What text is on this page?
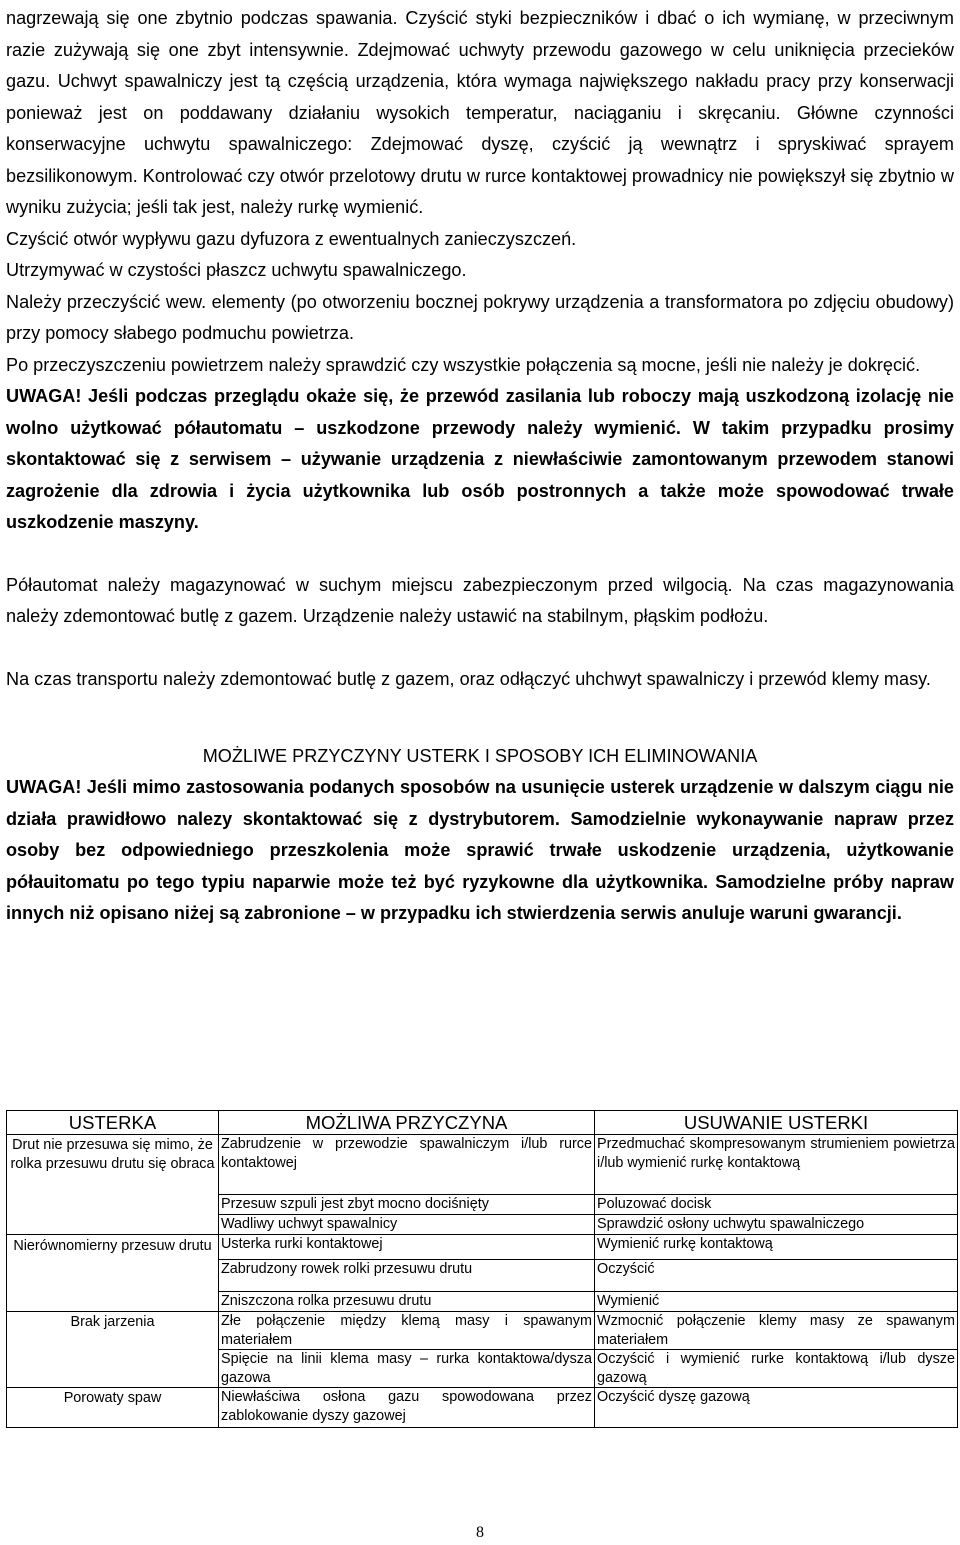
nagrzewają się one zbytnio podczas spawania. Czyścić styki bezpieczników i dbać o ich wymianę, w przeciwnym razie zużywają się one zbyt intensywnie. Zdejmować uchwyty przewodu gazowego w celu uniknięcia przecieków gazu. Uchwyt spawalniczy jest tą częścią urządzenia, która wymaga największego nakładu pracy przy konserwacji ponieważ jest on poddawany działaniu wysokich temperatur, naciąganiu i skręcaniu. Główne czynności konserwacyjne uchwytu spawalniczego: Zdejmować dyszę, czyścić ją wewnątrz i spryskiwać sprayem bezsilikonowym. Kontrolować czy otwór przelotowy drutu w rurce kontaktowej prowadnicy nie powiększył się zbytnio w wyniku zużycia; jeśli tak jest, należy rurkę wymienić.

Czyścić otwór wypływu gazu dyfuzora z ewentualnych zanieczyszczeń.

Utrzymywać w czystości płaszcz uchwytu spawalniczego.

Należy przeczyścić wew. elementy (po otworzeniu bocznej pokrywy urządzenia a transformatora po zdjęciu obudowy) przy pomocy słabego podmuchu powietrza.

Po przeczyszczeniu powietrzem należy sprawdzić czy wszystkie połączenia są mocne, jeśli nie należy je dokręcić.

UWAGA! Jeśli podczas przeglądu okaże się, że przewód zasilania lub roboczy mają uszkodzoną izolację nie wolno użytkować półautomatu – uszkodzone przewody należy wymienić. W takim przypadku prosimy skontaktować się z serwisem – używanie urządzenia z niewłaściwie zamontowanym przewodem stanowi zagrożenie dla zdrowia i życia użytkownika lub osób postronnych a także może spowodować trwałe uszkodzenie maszyny.

Półautomat należy magazynować w suchym miejscu zabezpieczonym przed wilgocią. Na czas magazynowania należy zdemontować butlę z gazem. Urządzenie należy ustawić na stabilnym, płąskim podłożu.

Na czas transportu należy zdemontować butlę z gazem, oraz odłączyć uhchwyt spawalniczy i przewód klemy masy.

MOŻLIWE PRZYCZYNY USTERK I SPOSOBY ICH ELIMINOWANIA

UWAGA! Jeśli mimo zastosowania podanych sposobów na usunięcie usterek urządzenie w dalszym ciągu nie działa prawidłowo nalezy skontaktować się z dystrybutorem. Samodzielnie wykonaywanie napraw przez osoby bez odpowiedniego przeszkolenia może sprawić trwałe uskodzenie urządzenia, użytkowanie półauitomatu po tego typiu naparwie może też być ryzykowne dla użytkownika. Samodzielne próby napraw innych niż opisano niżej są zabronione – w przypadku ich stwierdzenia serwis anuluje waruni gwarancji.

USTERKA	MOŻLIWA PRZYCZYNA	USUWANIE USTERKI
Drut nie przesuwa się mimo, że rolka przesuwu drutu się obraca	Zabrudzenie w przewodzie spawalniczym i/lub rurce kontaktowej	Przedmuchać skompresowanym strumieniem powietrza i/lub wymienić rurkę kontaktową
	Przesuw szpuli jest zbyt mocno dociśnięty	Poluzować docisk
	Wadliwy uchwyt spawalnicy	Sprawdzić osłony uchwytu spawalniczego
Nierównomierny przesuw drutu	Usterka rurki kontaktowej	Wymienić rurkę kontaktową
	Zabrudzony rowek rolki przesuwu drutu	Oczyścić
	Zniszczona rolka przesuwu drutu	Wymienić
Brak jarzenia	Złe połączenie między klemą masy i spawanym materiałem	Wzmocnić połączenie klemy masy ze spawanym materiałem
	Spięcie na linii klema masy – rurka kontaktowa/dysza gazowa	Oczyścić i wymienić rurke kontaktową i/lub dysze gazową
Porowaty spaw	Niewłaściwa osłona gazu spowodowana przez zablokowanie dyszy gazowej	Oczyścić dyszę gazową
8
